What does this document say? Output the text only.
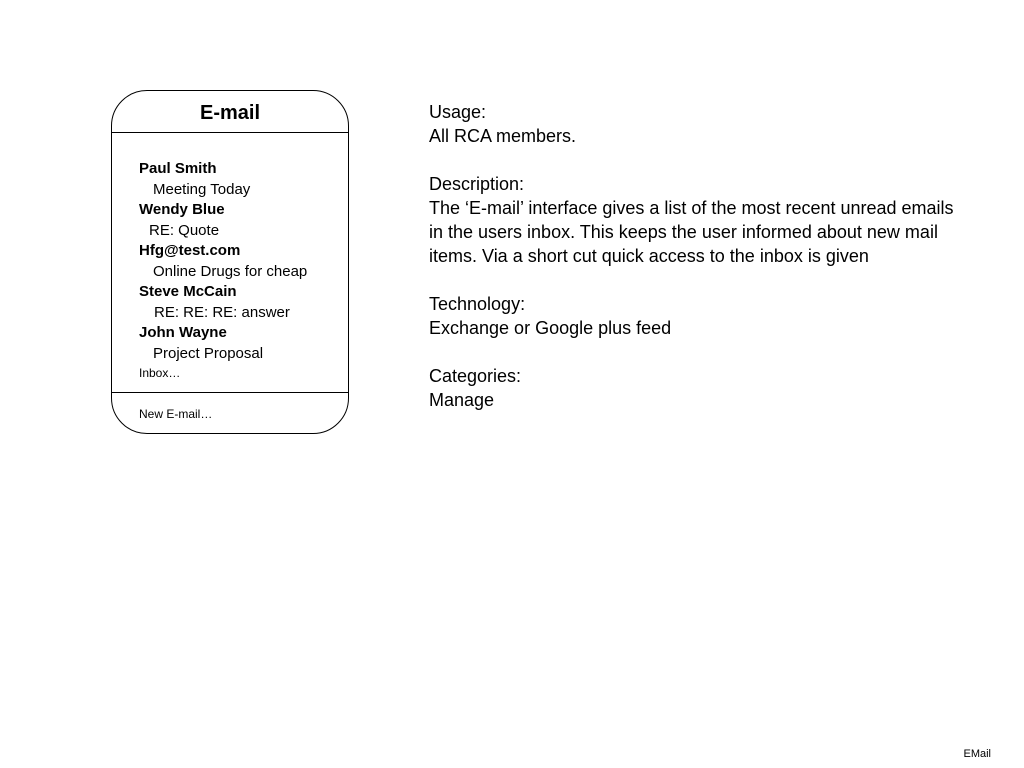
E-mail
Paul Smith
Meeting Today
Wendy Blue
RE: Quote
Hfg@test.com
Online Drugs for cheap
Steve McCain
RE: RE: RE: answer
John Wayne
Project Proposal
Inbox…
New E-mail…

Usage:

All RCA members.

Description:

The ‘E-mail’ interface gives a list of the most recent unread emails in the users inbox. This keeps the user informed about new mail items. Via a short cut quick access to the inbox is given

Technology:

Exchange or Google plus feed

Categories:

Manage

EMail
